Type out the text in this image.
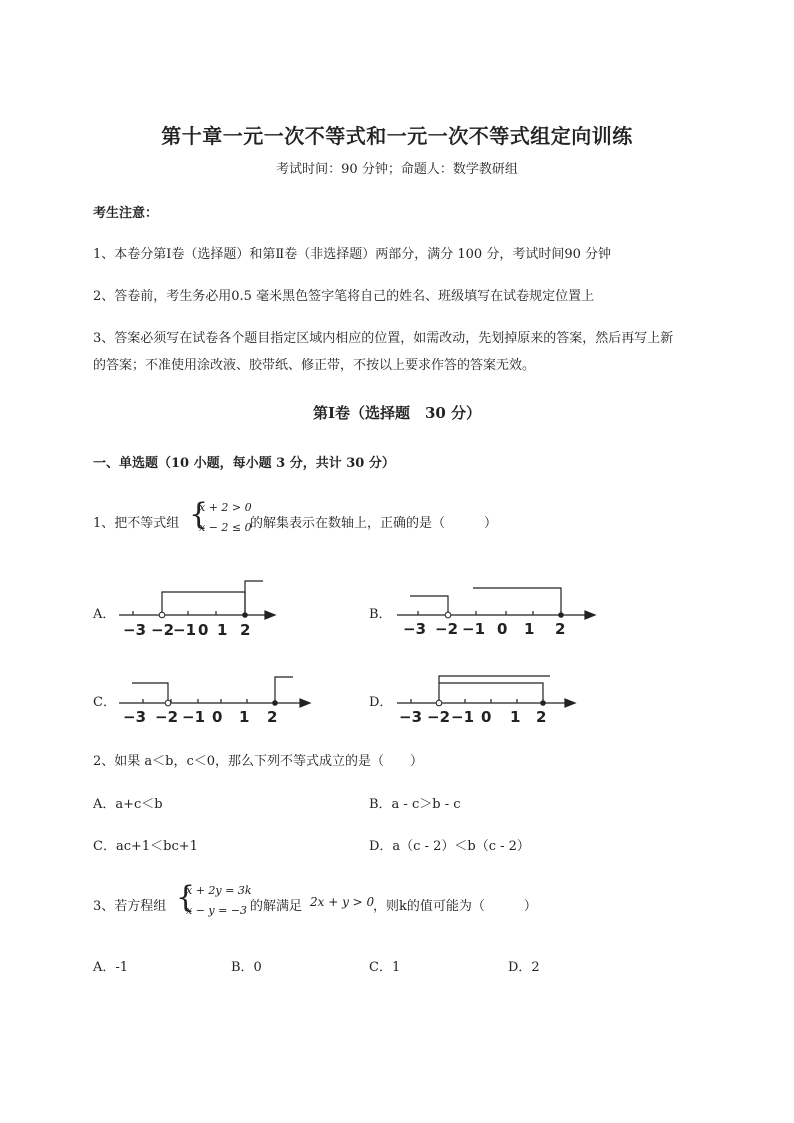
第十章一元一次不等式和一元一次不等式组定向训练
考试时间：90 分钟；命题人：数学教研组
考生注意：
1、本卷分第Ⅰ卷（选择题）和第Ⅱ卷（非选择题）两部分，满分 100 分，考试时间90 分钟
2、答卷前，考生务必用0.5 毫米黑色签字笔将自己的姓名、班级填写在试卷规定位置上
3、答案必须写在试卷各个题目指定区域内相应的位置，如需改动，先划掉原来的答案，然后再写上新
的答案；不准使用涂改液、胶带纸、修正带，不按以上要求作答的答案无效。
第Ⅰ卷（选择题　30 分）
一、单选题（10 小题，每小题 3 分，共计 30 分）
1、把不等式组 {
x + 2 > 0
x − 2 ≤ 0
的解集表示在数轴上，正确的是（　　　）
A．
−3 −2
−1 0 1 2
B．
−3 −2 −1 0 1 2
C．
−3 −2 −1 0 1 2
D．
−3 −2 −1 0 1 2
2、如果 a＜b，c＜0，那么下列不等式成立的是（　　）
A．a+c＜b	B．a - c＞b - c
C．ac+1＜bc+1	D．a（c - 2）＜b（c - 2）
3、若方程组 {
x + 2y = 3k
x − y = −3 的解满足 2x + y > 0
，则k的值可能为（　　　）
A．-1	B．0	C．1	D．2
